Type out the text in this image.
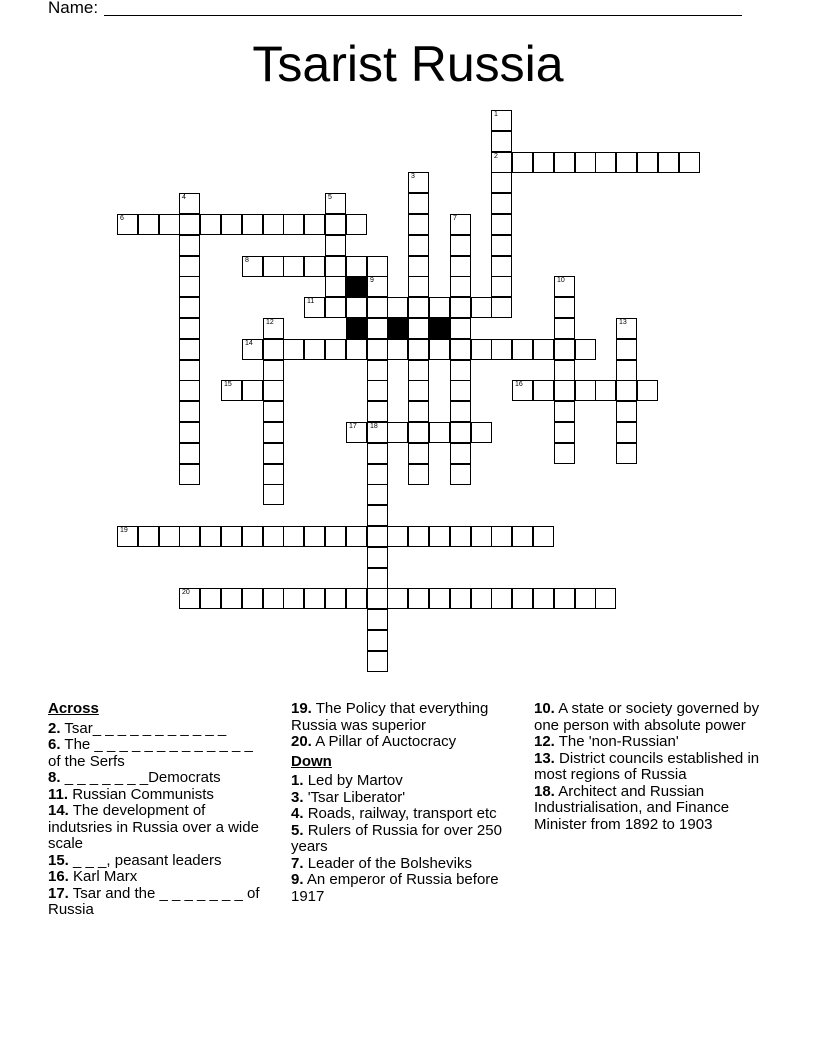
Name:
Tsarist Russia
2
6
8
11
14
15	16
17 18
19
20
1
3
4	5
7
9	10
12	13

Across

2. Tsar_ _ _ _ _ _ _ _ _ _ _

6. The _ _ _ _ _ _ _ _ _ _ _ _ _ of the Serfs

8. _ _ _ _ _ _ _Democrats

11. Russian Communists

14. The development of indutsries in Russia over a wide scale

15. _ _ _, peasant leaders

16. Karl Marx

17. Tsar and the _ _ _ _ _ _ _ of Russia

19. The Policy that everything Russia was superior

20. A Pillar of Auctocracy

Down

1. Led by Martov

3. 'Tsar Liberator'

4. Roads, railway, transport etc

5. Rulers of Russia for over 250 years

7. Leader of the Bolsheviks

9. An emperor of Russia before 1917

10. A state or society governed by one person with absolute power

12. The 'non-Russian'

13. District councils established in most regions of Russia

18. Architect and Russian Industrialisation, and Finance Minister from 1892 to 1903
